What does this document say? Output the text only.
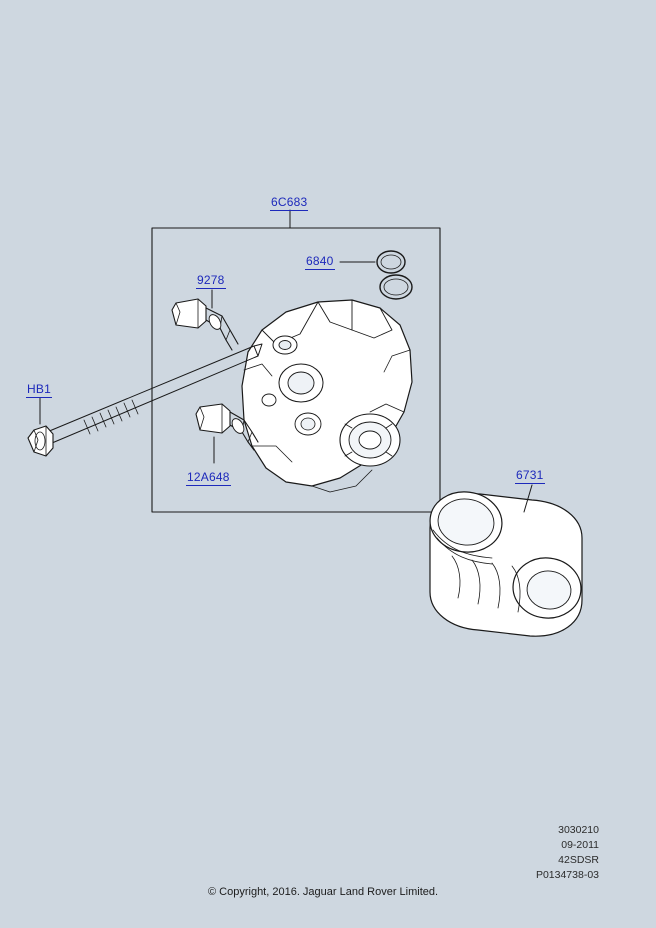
6C683
6840
9278
HB1
12A648	6731
© Copyright, 2016. Jaguar Land Rover Limited.
3030210
09-2011
42SDSR
P0134738-03
